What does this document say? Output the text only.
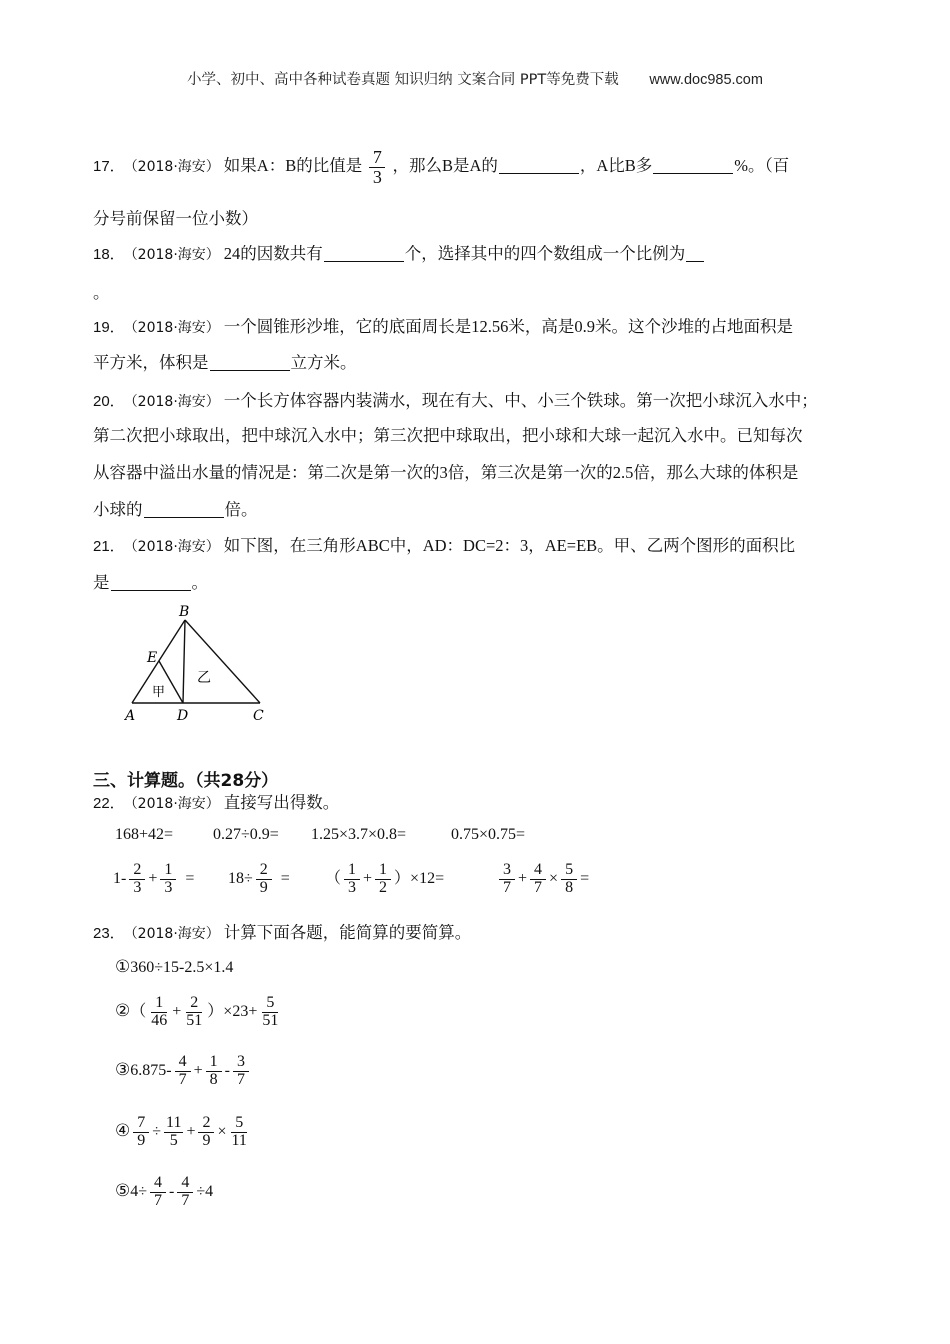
小学、初中、高中各种试卷真题 知识归纳 文案合同 PPT等免费下载 www.doc985.com
17． （2018·海安） 如果A：B的比值是 $\frac{7}{3}$ ，那么B是A的	，A比B多	%。（百
分号前保留一位小数）
18． （2018·海安） 24的因数共有	个，选择其中的四个数组成一个比例为
。
19． （2018·海安） 一个圆锥形沙堆，它的底面周长是12.56米，高是0.9米。这个沙堆的占地面积是
平方米，体积是	立方米。
20． （2018·海安） 一个长方体容器内装满水，现在有大、中、小三个铁球。第一次把小球沉入水中；
第二次把小球取出，把中球沉入水中；第三次把中球取出，把小球和大球一起沉入水中。已知每次
从容器中溢出水量的情况是：第二次是第一次的3倍，第三次是第一次的2.5倍，那么大球的体积是
小球的	倍。
21． （2018·海安） 如下图，在三角形ABC中，AD：DC=2：3，AE=EB。甲、乙两个图形的面积比
是	。
B
E
A	D	C
甲
乙
三、计算题。（共28分）
22． （2018·海安） 直接写出得数。
168+42= 0.27÷0.9= 1.25×3.7×0.8=	0.75×0.75=
$1- \frac{2}{3} + \frac{1}{3} = 18\div \frac{2}{9}$ = （ $\frac{1}{3} + \frac{1}{2} )\times 12=$	$\frac{3}{7} + \frac{4}{7} \times \frac{5}{8}$ =
23． （2018·海安） 计算下面各题，能简算的要简算。
①360÷15-2.5×1.4
②（ $\frac{1}{46} + \frac{2}{51} )\times 23+ \frac{5}{51}$
③6.875- $\frac{4}{7} + \frac{1}{8} - \frac{3}{7}$
④ $\frac{7}{9} \div \frac{11}{5} + \frac{2}{9} \times \frac{5}{11}$
⑤4÷ $\frac{4}{7} - \frac{4}{7} \div 4$
